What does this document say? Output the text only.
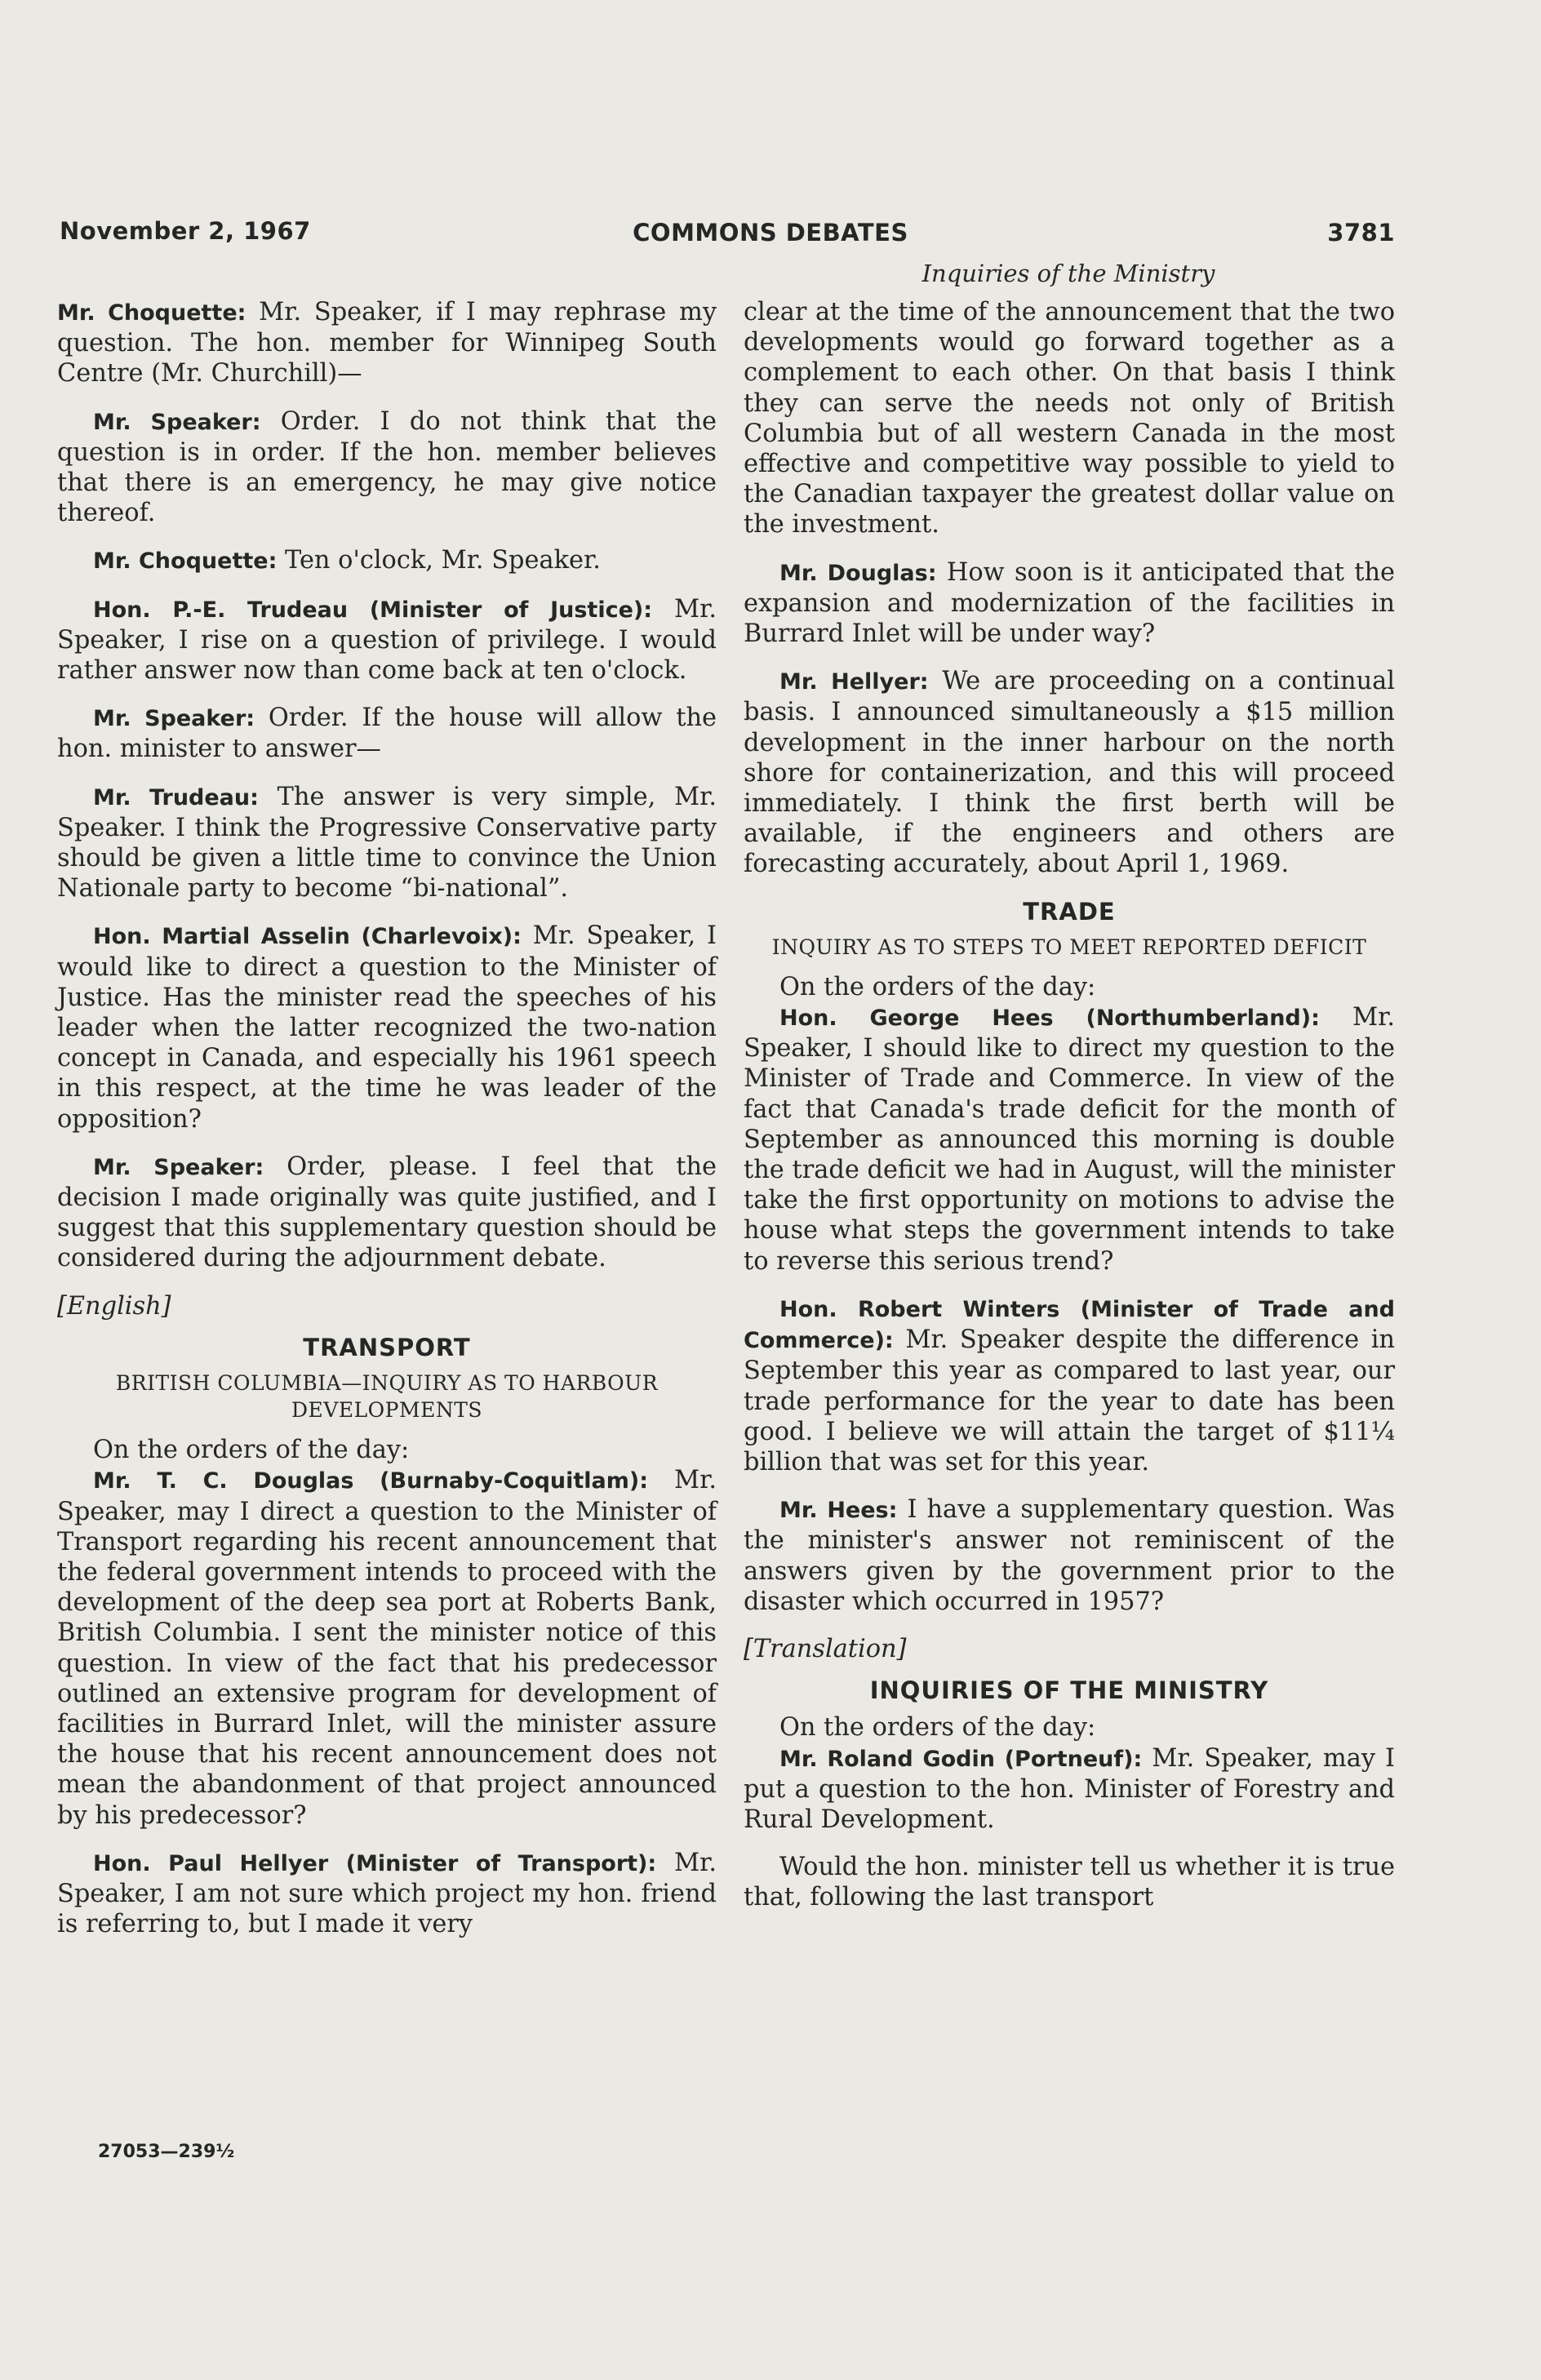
November 2, 1967	COMMONS DEBATES	3781
Inquiries of the Ministry

Mr. Choquette: Mr. Speaker, if I may rephrase my question. The hon. member for Winnipeg South Centre (Mr. Churchill)—

Mr. Speaker: Order. I do not think that the question is in order. If the hon. member believes that there is an emergency, he may give notice thereof.

Mr. Choquette: Ten o'clock, Mr. Speaker.

Hon. P.-E. Trudeau (Minister of Justice): Mr. Speaker, I rise on a question of privilege. I would rather answer now than come back at ten o'clock.

Mr. Speaker: Order. If the house will allow the hon. minister to answer—

Mr. Trudeau: The answer is very simple, Mr. Speaker. I think the Progressive Conservative party should be given a little time to convince the Union Nationale party to become “bi-national”.

Hon. Martial Asselin (Charlevoix): Mr. Speaker, I would like to direct a question to the Minister of Justice. Has the minister read the speeches of his leader when the latter recognized the two-nation concept in Canada, and especially his 1961 speech in this respect, at the time he was leader of the opposition?

Mr. Speaker: Order, please. I feel that the decision I made originally was quite justified, and I suggest that this supplementary question should be considered during the adjournment debate.

[English]
TRANSPORT
BRITISH COLUMBIA—INQUIRY AS TO HARBOUR DEVELOPMENTS

On the orders of the day:

Mr. T. C. Douglas (Burnaby-Coquitlam): Mr. Speaker, may I direct a question to the Minister of Transport regarding his recent announcement that the federal government intends to proceed with the development of the deep sea port at Roberts Bank, British Columbia. I sent the minister notice of this question. In view of the fact that his predecessor outlined an extensive program for development of facilities in Burrard Inlet, will the minister assure the house that his recent announcement does not mean the abandonment of that project announced by his predecessor?

Hon. Paul Hellyer (Minister of Transport): Mr. Speaker, I am not sure which project my hon. friend is referring to, but I made it very

clear at the time of the announcement that the two developments would go forward together as a complement to each other. On that basis I think they can serve the needs not only of British Columbia but of all western Canada in the most effective and competitive way possible to yield to the Canadian taxpayer the greatest dollar value on the investment.

Mr. Douglas: How soon is it anticipated that the expansion and modernization of the facilities in Burrard Inlet will be under way?

Mr. Hellyer: We are proceeding on a continual basis. I announced simultaneously a $15 million development in the inner harbour on the north shore for containerization, and this will proceed immediately. I think the first berth will be available, if the engineers and others are forecasting accurately, about April 1, 1969.

TRADE
INQUIRY AS TO STEPS TO MEET REPORTED DEFICIT

On the orders of the day:

Hon. George Hees (Northumberland): Mr. Speaker, I should like to direct my question to the Minister of Trade and Commerce. In view of the fact that Canada's trade deficit for the month of September as announced this morning is double the trade deficit we had in August, will the minister take the first opportunity on motions to advise the house what steps the government intends to take to reverse this serious trend?

Hon. Robert Winters (Minister of Trade and Commerce): Mr. Speaker despite the difference in September this year as compared to last year, our trade performance for the year to date has been good. I believe we will attain the target of $11¼ billion that was set for this year.

Mr. Hees: I have a supplementary question. Was the minister's answer not reminiscent of the answers given by the government prior to the disaster which occurred in 1957?

[Translation]
INQUIRIES OF THE MINISTRY

On the orders of the day:

Mr. Roland Godin (Portneuf): Mr. Speaker, may I put a question to the hon. Minister of Forestry and Rural Development.

Would the hon. minister tell us whether it is true that, following the last transport

27053—239½
